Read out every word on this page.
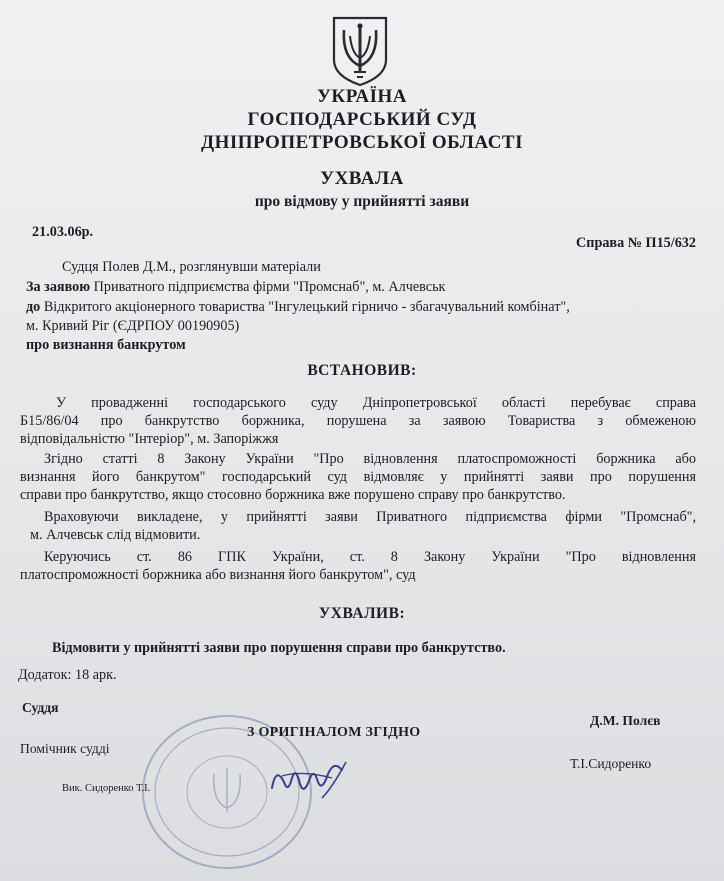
УКРАЇНА
ГОСПОДАРСЬКИЙ СУД
ДНІПРОПЕТРОВСЬКОЇ ОБЛАСТІ
УХВАЛА
про відмову у прийнятті заяви
21.03.06р.
Справа № П15/632
Судця Полев Д.М., розглянувши матеріали
За заявою Приватного підприємства фірми "Промснаб", м. Алчевськ
до Відкритого акціонерного товариства "Інгулецький гірничо - збагачувальний комбінат",
м. Кривий Ріг (ЄДРПОУ 00190905)
про визнання банкрутом
ВСТАНОВИВ:
У провадженні господарського суду Дніпропетровської області перебуває справа
Б15/86/04 про банкрутство боржника, порушена за заявою Товариства з обмеженою
відповідальністю "Інтеріор", м. Запоріжжя
Згідно статті 8 Закону України "Про відновлення платоспроможності боржника або
визнання його банкрутом" господарський суд відмовляє у прийнятті заяви про порушення
справи про банкрутство, якщо стосовно боржника вже порушено справу про банкрутство.
Враховуючи викладене, у прийнятті заяви Приватного підприємства фірми "Промснаб",
м. Алчевськ слід відмовити.
Керуючись ст. 86 ГПК України, ст. 8 Закону України "Про відновлення
платоспроможності боржника або визнання його банкрутом", суд
УХВАЛИВ:
Відмовити у прийнятті заяви про порушення справи про банкрутство.
Додаток: 18 арк.
Суддя
Д.М. Полєв
З ОРИГІНАЛОМ ЗГІДНО
Помічник судді
Т.І.Сидоренко
Вик. Сидоренко Т.І.
